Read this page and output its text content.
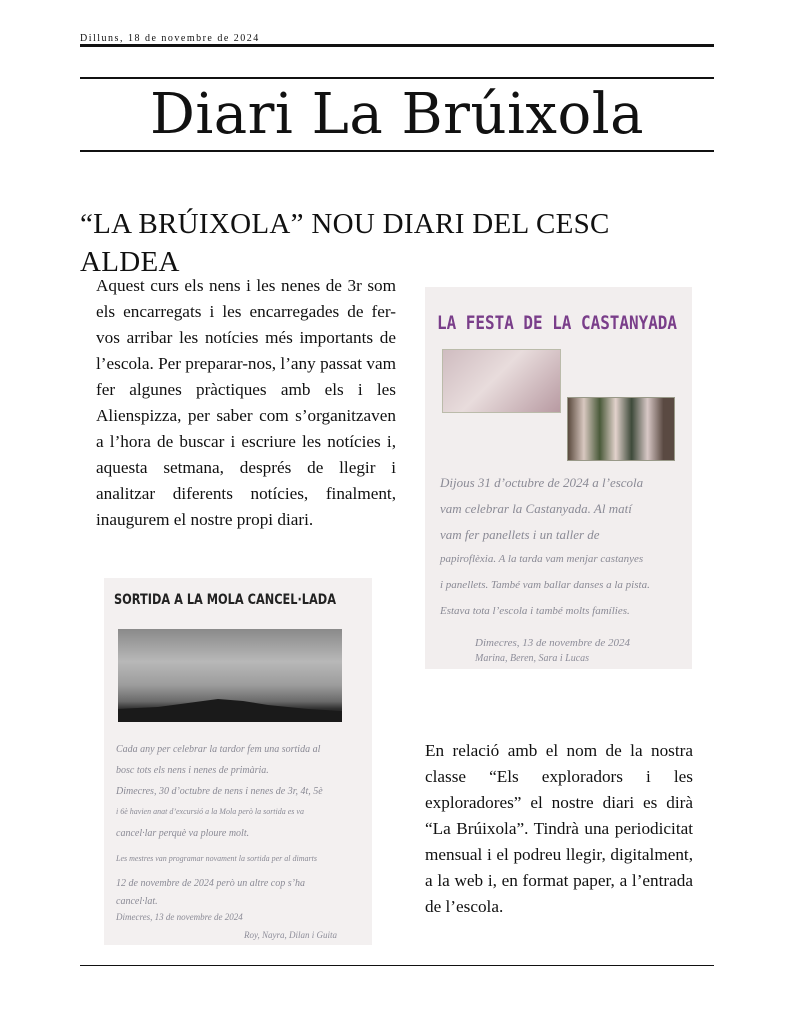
Dilluns, 18 de novembre de 2024
Diari La Brúixola
“LA BRÚIXOLA” NOU DIARI DEL CESC ALDEA
Aquest curs els nens i les nenes de 3r som els encarregats i les encarregades de fer-vos arribar les notícies més importants de l’escola. Per preparar-nos, l’any passat vam fer algunes pràctiques amb els i les Alienspizza, per saber com s’organitzaven a l’hora de buscar i escriure les notícies i, aquesta setmana, després de llegir i analitzar diferents notícies, finalment, inaugurem el nostre propi diari.
LA FESTA DE LA CASTANYADA
Dijous 31 d’octubre de 2024 a l’escola
vam celebrar la Castanyada. Al matí
vam fer panellets i un taller de
papiroflèxia. A la tarda vam menjar castanyes
i panellets. També vam ballar danses a la pista.
Estava tota l’escola i també molts famílies.
Dimecres, 13 de novembre de 2024
Marina, Beren, Sara i Lucas
SORTIDA A LA MOLA CANCEL·LADA
Cada any per celebrar la tardor fem una sortida al
bosc tots els nens i nenes de primària.
Dimecres, 30 d’octubre de nens i nenes de 3r, 4t, 5è
i 6è havien anat d’excursió a la Mola però la sortida es va
cancel·lar perquè va ploure molt.
Les mestres van programar novament la sortida per al dimarts
12 de novembre de 2024 però un altre cop s’ha
cancel·lat.
Dimecres, 13 de novembre de 2024
Roy, Nayra, Dilan i Guita
En relació amb el nom de la nostra classe “Els exploradors i les exploradores” el nostre diari es dirà “La Brúixola”. Tindrà una periodicitat mensual i el podreu llegir, digitalment, a la web i, en format paper, a l’entrada de l’escola.
